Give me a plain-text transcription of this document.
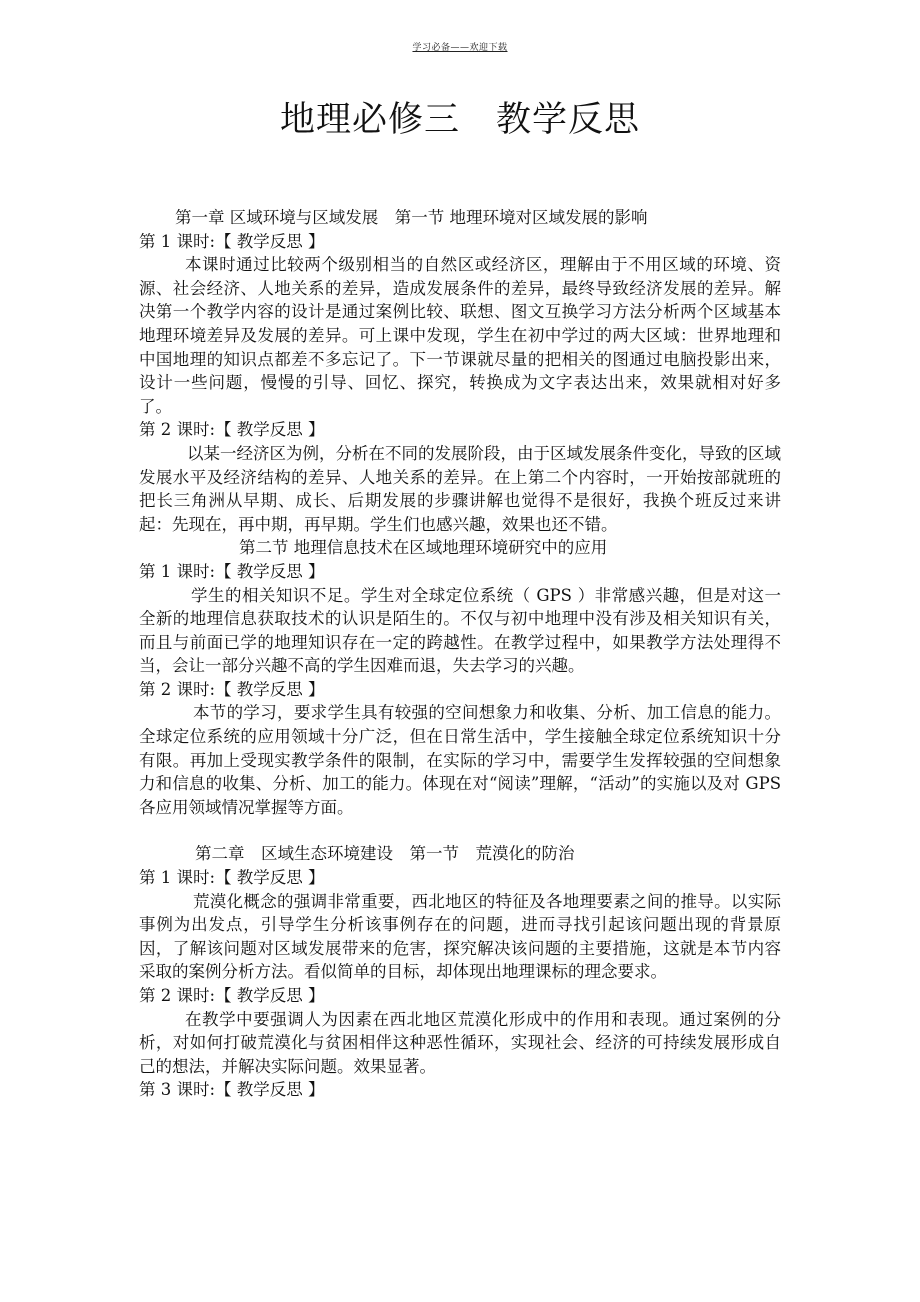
学习必备——欢迎下载
地理必修三　教学反思
第一章 区域环境与区域发展　第一节 地理环境对区域发展的影响
第 1 课时:【 教学反思 】
本课时通过比较两个级别相当的自然区或经济区，理解由于不用区域的环境、资源、社会经济、人地关系的差异，造成发展条件的差异，最终导致经济发展的差异。解决第一个教学内容的设计是通过案例比较、联想、图文互换学习方法分析两个区域基本地理环境差异及发展的差异。可上课中发现，学生在初中学过的两大区域：世界地理和中国地理的知识点都差不多忘记了。下一节课就尽量的把相关的图通过电脑投影出来，设计一些问题，慢慢的引导、回忆、探究，转换成为文字表达出来，效果就相对好多了。
第 2 课时:【 教学反思 】
以某一经济区为例，分析在不同的发展阶段，由于区域发展条件变化，导致的区域发展水平及经济结构的差异、人地关系的差异。在上第二个内容时，一开始按部就班的把长三角洲从早期、成长、后期发展的步骤讲解也觉得不是很好，我换个班反过来讲起：先现在，再中期，再早期。学生们也感兴趣，效果也还不错。
第二节 地理信息技术在区域地理环境研究中的应用
第 1 课时:【 教学反思 】
学生的相关知识不足。学生对全球定位系统（ GPS ）非常感兴趣，但是对这一全新的地理信息获取技术的认识是陌生的。不仅与初中地理中没有涉及相关知识有关，而且与前面已学的地理知识存在一定的跨越性。在教学过程中，如果教学方法处理得不当，会让一部分兴趣不高的学生因难而退，失去学习的兴趣。
第 2 课时:【 教学反思 】
本节的学习，要求学生具有较强的空间想象力和收集、分析、加工信息的能力。全球定位系统的应用领域十分广泛，但在日常生活中，学生接触全球定位系统知识十分有限。再加上受现实教学条件的限制，在实际的学习中，需要学生发挥较强的空间想象力和信息的收集、分析、加工的能力。体现在对“阅读”理解，“活动”的实施以及对 GPS 各应用领域情况掌握等方面。
第二章　区域生态环境建设　第一节　荒漠化的防治
第 1 课时:【 教学反思 】
荒漠化概念的强调非常重要，西北地区的特征及各地理要素之间的推导。以实际事例为出发点，引导学生分析该事例存在的问题，进而寻找引起该问题出现的背景原因，了解该问题对区域发展带来的危害，探究解决该问题的主要措施，这就是本节内容采取的案例分析方法。看似简单的目标，却体现出地理课标的理念要求。
第 2 课时:【 教学反思 】
在教学中要强调人为因素在西北地区荒漠化形成中的作用和表现。通过案例的分析，对如何打破荒漠化与贫困相伴这种恶性循环，实现社会、经济的可持续发展形成自己的想法，并解决实际问题。效果显著。
第 3 课时:【 教学反思 】
